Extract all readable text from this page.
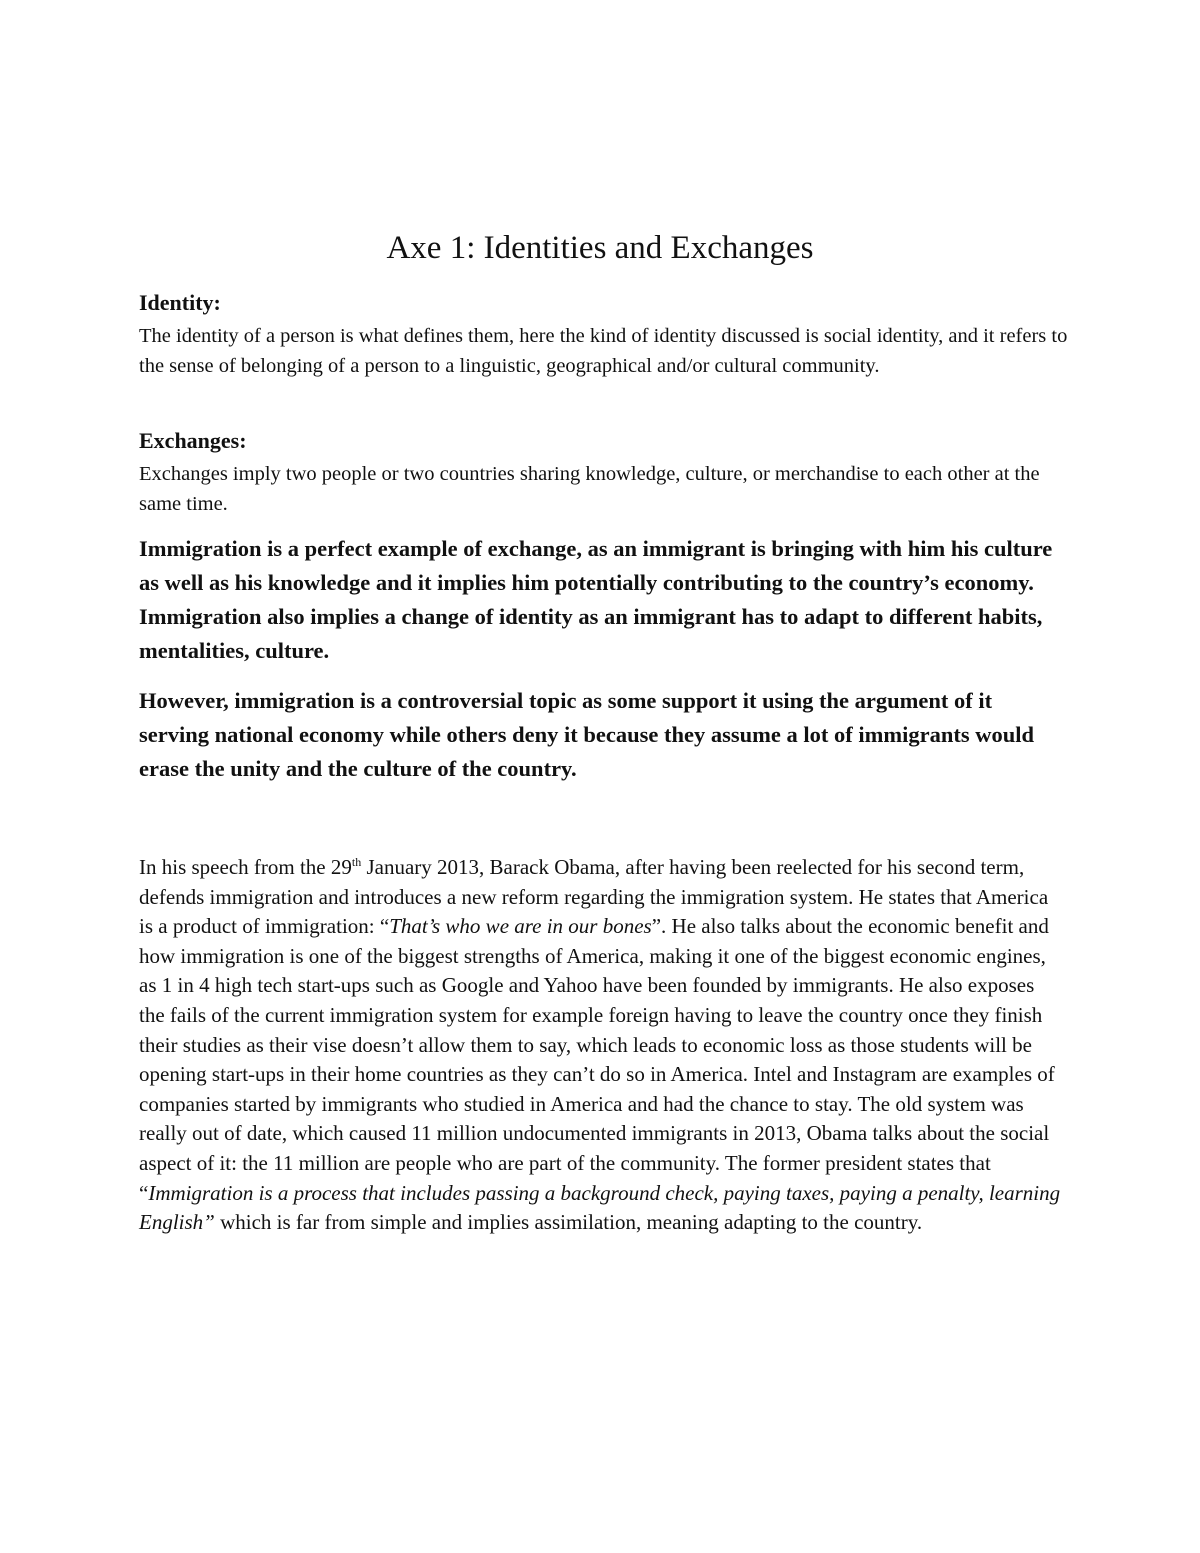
Axe 1: Identities and Exchanges
Identity:

The identity of a person is what defines them, here the kind of identity discussed is social identity, and it refers to the sense of belonging of a person to a linguistic, geographical and/or cultural community.

Exchanges:

Exchanges imply two people or two countries sharing knowledge, culture, or merchandise to each other at the same time.

Immigration is a perfect example of exchange, as an immigrant is bringing with him his culture as well as his knowledge and it implies him potentially contributing to the country’s economy. Immigration also implies a change of identity as an immigrant has to adapt to different habits, mentalities, culture.

However, immigration is a controversial topic as some support it using the argument of it serving national economy while others deny it because they assume a lot of immigrants would erase the unity and the culture of the country.

In his speech from the 29th January 2013, Barack Obama, after having been reelected for his second term, defends immigration and introduces a new reform regarding the immigration system. He states that America is a product of immigration: “That’s who we are in our bones”. He also talks about the economic benefit and how immigration is one of the biggest strengths of America, making it one of the biggest economic engines, as 1 in 4 high tech start-ups such as Google and Yahoo have been founded by immigrants. He also exposes the fails of the current immigration system for example foreign having to leave the country once they finish their studies as their vise doesn’t allow them to say, which leads to economic loss as those students will be opening start-ups in their home countries as they can’t do so in America. Intel and Instagram are examples of companies started by immigrants who studied in America and had the chance to stay. The old system was really out of date, which caused 11 million undocumented immigrants in 2013, Obama talks about the social aspect of it: the 11 million are people who are part of the community. The former president states that “Immigration is a process that includes passing a background check, paying taxes, paying a penalty, learning English” which is far from simple and implies assimilation, meaning adapting to the country.
